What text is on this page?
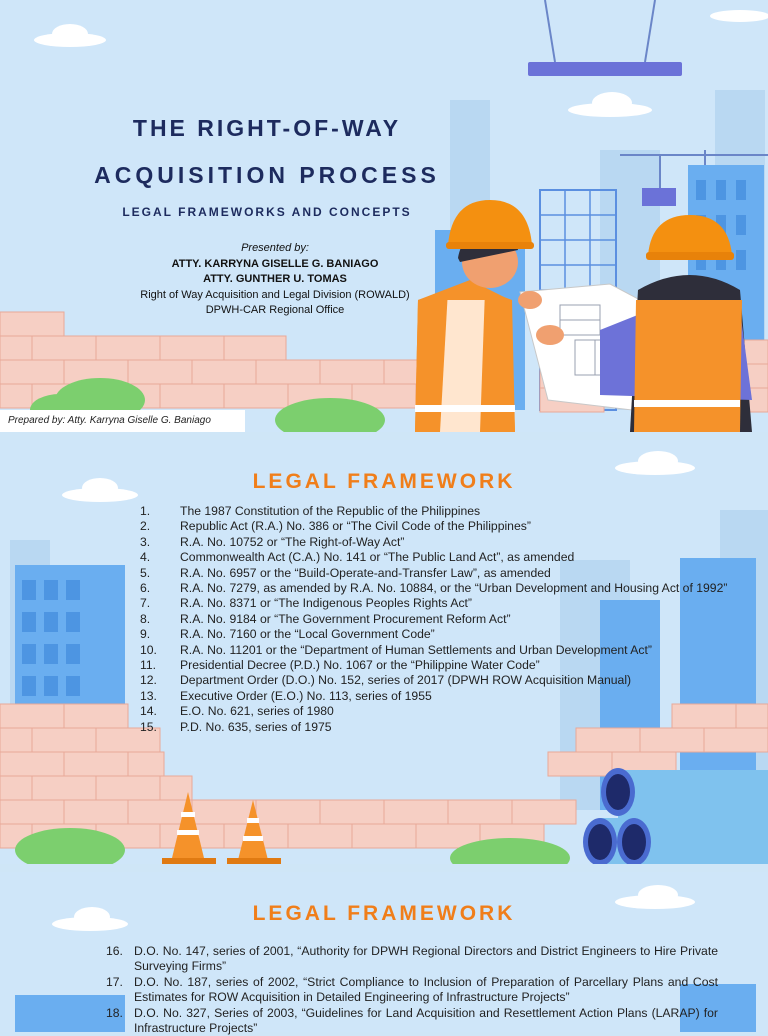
THE RIGHT-OF-WAY
ACQUISITION PROCESS
LEGAL FRAMEWORKS AND CONCEPTS
Presented by:
ATTY. KARRYNA GISELLE G. BANIAGO
ATTY. GUNTHER U. TOMAS
Right of Way Acquisition and Legal Division (ROWALD)
DPWH-CAR Regional Office
Prepared by: Atty. Karryna Giselle G. Baniago
LEGAL FRAMEWORK
1.	The 1987 Constitution of the Republic of the Philippines
2.	Republic Act (R.A.) No. 386 or “The Civil Code of the Philippines”
3.	R.A. No. 10752 or “The Right-of-Way Act”
4.	Commonwealth Act (C.A.) No. 141 or “The Public Land Act”, as amended
5.	R.A. No. 6957 or the “Build-Operate-and-Transfer Law”, as amended
6.	R.A. No. 7279, as amended by R.A. No. 10884, or the “Urban Development and Housing Act of 1992”
7.	R.A. No. 8371 or “The Indigenous Peoples Rights Act”
8.	R.A. No. 9184 or “The Government Procurement Reform Act”
9.	R.A. No. 7160 or the “Local Government Code”
10.	R.A. No. 11201 or the “Department of Human Settlements and Urban Development Act”
11.	Presidential Decree (P.D.) No. 1067 or the “Philippine Water Code”
12.	Department Order (D.O.) No. 152, series of 2017 (DPWH ROW Acquisition Manual)
13.	Executive Order (E.O.) No. 113, series of 1955
14.	E.O. No. 621, series of 1980
15.	P.D. No. 635, series of 1975
LEGAL FRAMEWORK
16. D.O. No. 147, series of 2001, “Authority for DPWH Regional Directors and District Engineers to Hire Private Surveying Firms”
17. D.O. No. 187, series of 2002, “Strict Compliance to Inclusion of Preparation of Parcellary Plans and Cost Estimates for ROW Acquisition in Detailed Engineering of Infrastructure Projects”
18. D.O. No. 327, Series of 2003, “Guidelines for Land Acquisition and Resettlement Action Plans (LARAP) for Infrastructure Projects”
